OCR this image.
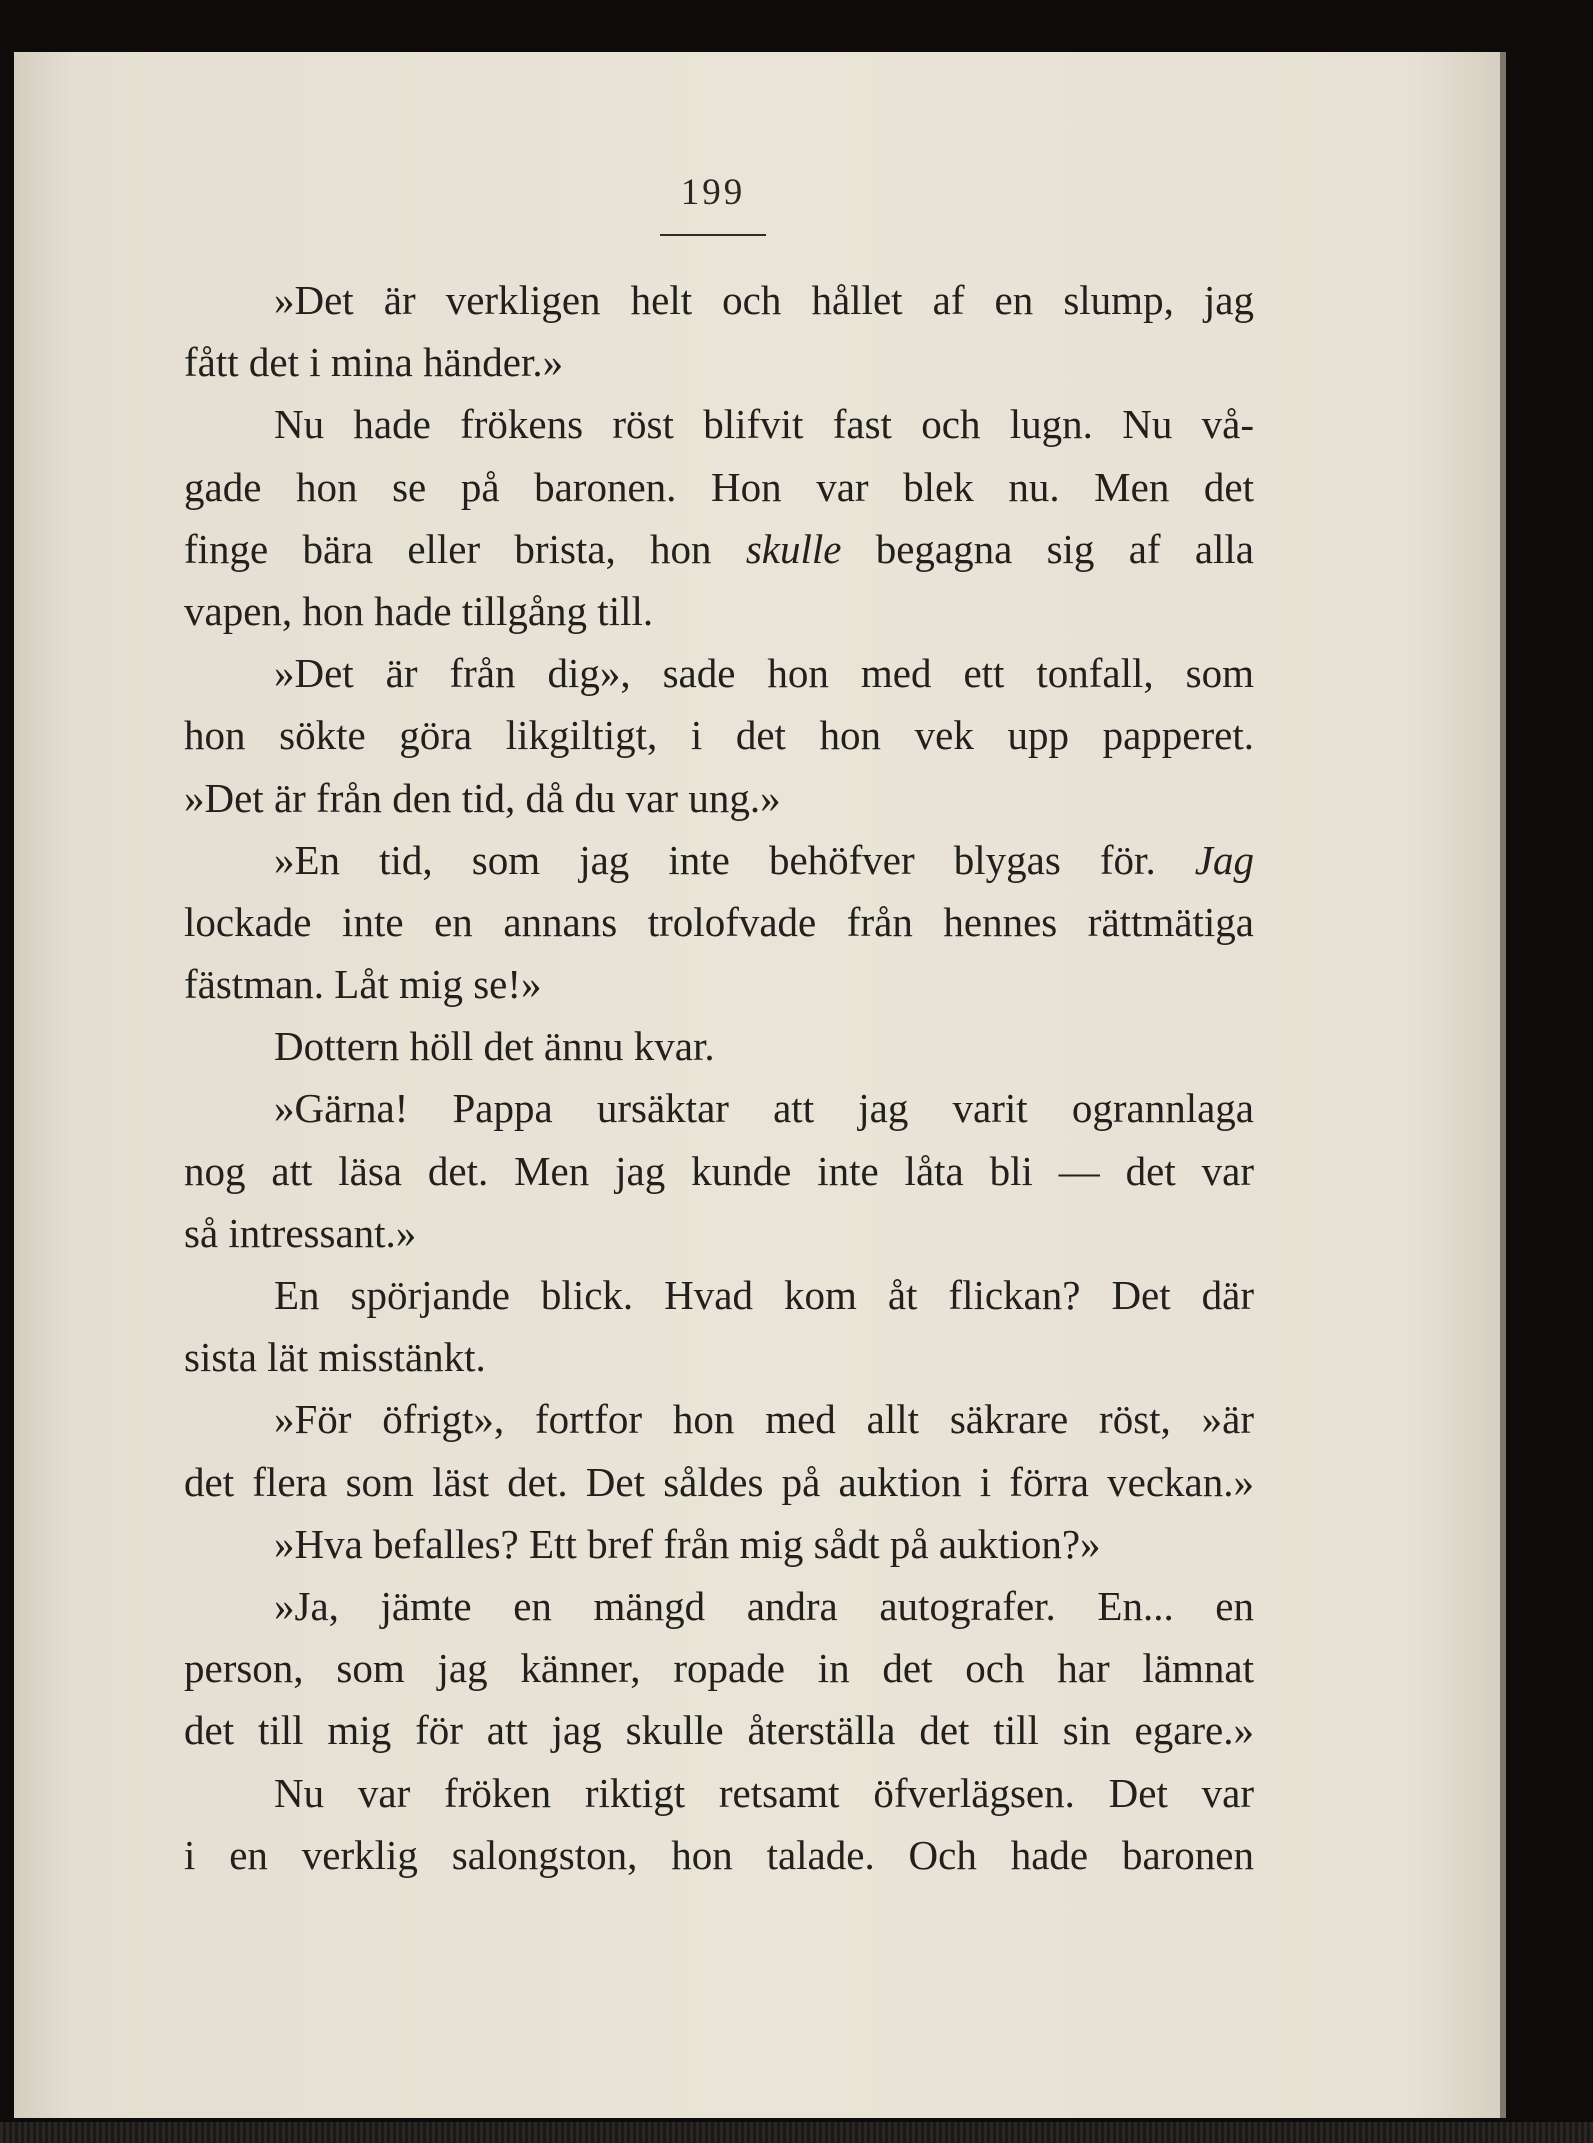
199
»Det är verkligen helt och hållet af en slump, jag
fått det i mina händer.»
Nu hade frökens röst blifvit fast och lugn. Nu vå-
gade hon se på baronen. Hon var blek nu. Men det
finge bära eller brista, hon skulle begagna sig af alla
vapen, hon hade tillgång till.
»Det är från dig», sade hon med ett tonfall, som
hon sökte göra likgiltigt, i det hon vek upp papperet.
»Det är från den tid, då du var ung.»
»En tid, som jag inte behöfver blygas för. Jag
lockade inte en annans trolofvade från hennes rättmätiga
fästman. Låt mig se!»
Dottern höll det ännu kvar.
»Gärna! Pappa ursäktar att jag varit ogrannlaga
nog att läsa det. Men jag kunde inte låta bli — det var
så intressant.»
En spörjande blick. Hvad kom åt flickan? Det där
sista lät misstänkt.
»För öfrigt», fortfor hon med allt säkrare röst, »är
det flera som läst det. Det såldes på auktion i förra veckan.»
»Hva befalles? Ett bref från mig sådt på auktion?»
»Ja, jämte en mängd andra autografer. En... en
person, som jag känner, ropade in det och har lämnat
det till mig för att jag skulle återställa det till sin egare.»
Nu var fröken riktigt retsamt öfverlägsen. Det var
i en verklig salongston, hon talade. Och hade baronen
